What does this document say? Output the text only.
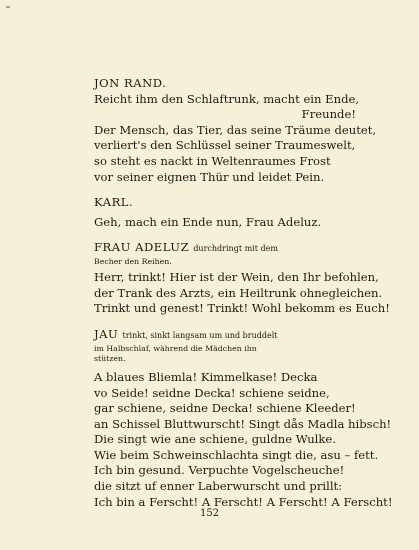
JON RAND.

Reicht ihm den Schlaftrunk, macht ein Ende,

Freunde!

Der Mensch, das Tier, das seine Träume deutet,

verliert's den Schlüssel seiner Traumeswelt,

so steht es nackt in Weltenraumes Frost

vor seiner eignen Thür und leidet Pein.

KARL.

Geh, mach ein Ende nun, Frau Adeluz.

FRAU ADELUZ durchdringt mit dem

Becher den Reihen.

Herr, trinkt! Hier ist der Wein, den Ihr befohlen,

der Trank des Arzts, ein Heiltrunk ohnegleichen.

Trinkt und genest! Trinkt! Wohl bekomm es Euch!

JAU trinkt, sinkt langsam um und bruddelt

im Halbschlaf, während die Mädchen ihn

stützen.

A blaues Bliemla! Kimmelkase! Decka

vo Seide! seidne Decka! schiene seidne,

gar schiene, seidne Decka! schiene Kleeder!

an Schissel Bluttwurscht! Singt dås Madla hibsch!

Die singt wie ane schiene, guldne Wulke.

Wie beim Schweinschlachta singt die, asu – fett.

Ich bin gesund. Verpuchte Vogelscheuche!

die sitzt uf enner Laberwurscht und prillt:

Ich bin a Ferscht! A Ferscht! A Ferscht! A Ferscht!

152
